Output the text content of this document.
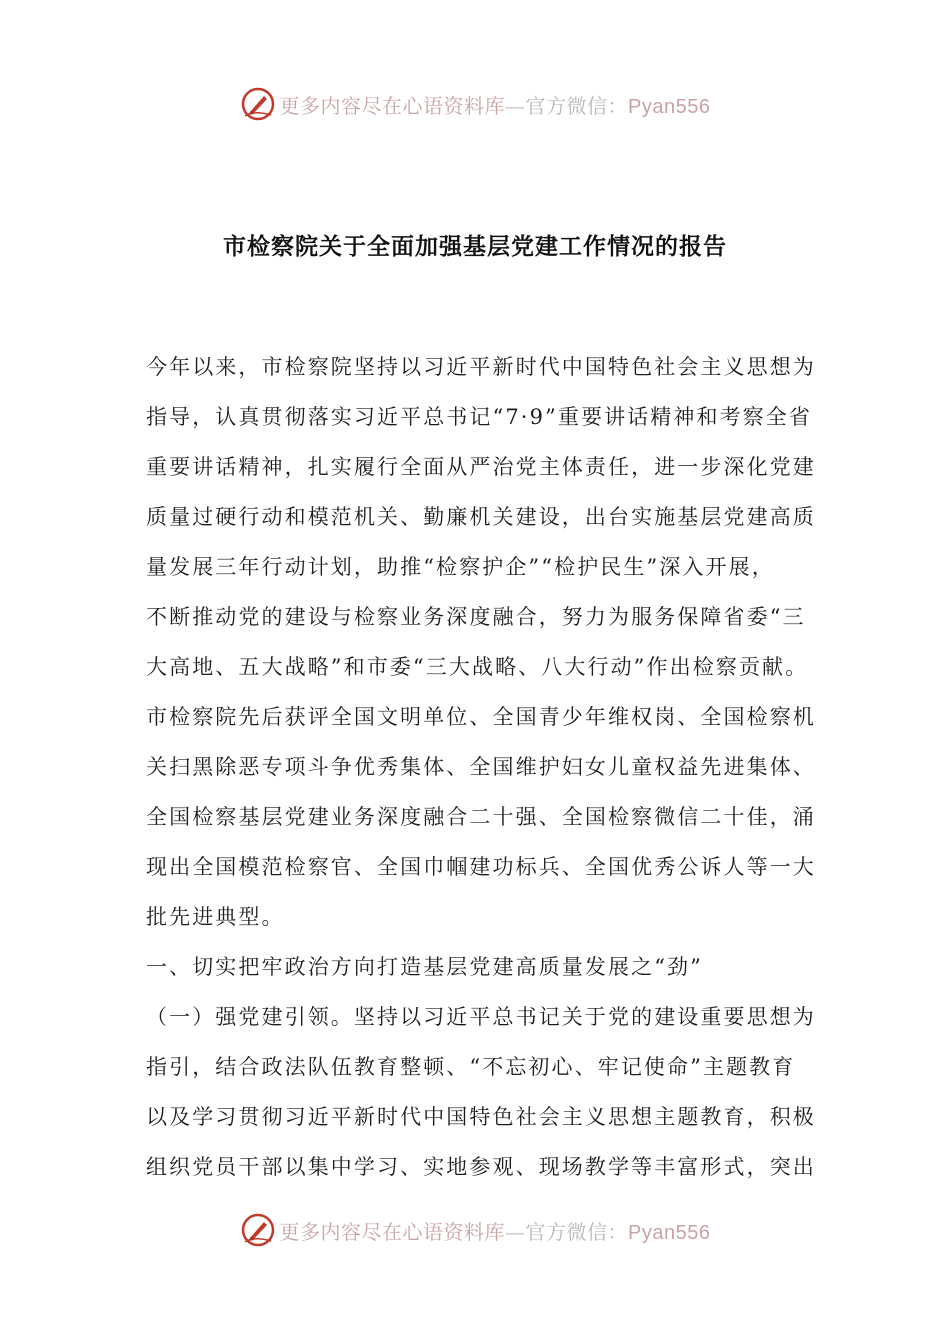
更多内容尽在心语资料库—官方微信：Pyan556
市检察院关于全面加强基层党建工作情况的报告

今年以来，市检察院坚持以习近平新时代中国特色社会主义思想为

指导，认真贯彻落实习近平总书记“7·9”重要讲话精神和考察全省

重要讲话精神，扎实履行全面从严治党主体责任，进一步深化党建

质量过硬行动和模范机关、勤廉机关建设，出台实施基层党建高质

量发展三年行动计划，助推“检察护企”“检护民生”深入开展，

不断推动党的建设与检察业务深度融合，努力为服务保障省委“三

大高地、五大战略”和市委“三大战略、八大行动”作出检察贡献。

市检察院先后获评全国文明单位、全国青少年维权岗、全国检察机

关扫黑除恶专项斗争优秀集体、全国维护妇女儿童权益先进集体、

全国检察基层党建业务深度融合二十强、全国检察微信二十佳，涌

现出全国模范检察官、全国巾帼建功标兵、全国优秀公诉人等一大

批先进典型。

一、切实把牢政治方向打造基层党建高质量发展之“劲”

（一）强党建引领。坚持以习近平总书记关于党的建设重要思想为

指引，结合政法队伍教育整顿、“不忘初心、牢记使命”主题教育

以及学习贯彻习近平新时代中国特色社会主义思想主题教育，积极

组织党员干部以集中学习、实地参观、现场教学等丰富形式，突出

更多内容尽在心语资料库—官方微信：Pyan556
